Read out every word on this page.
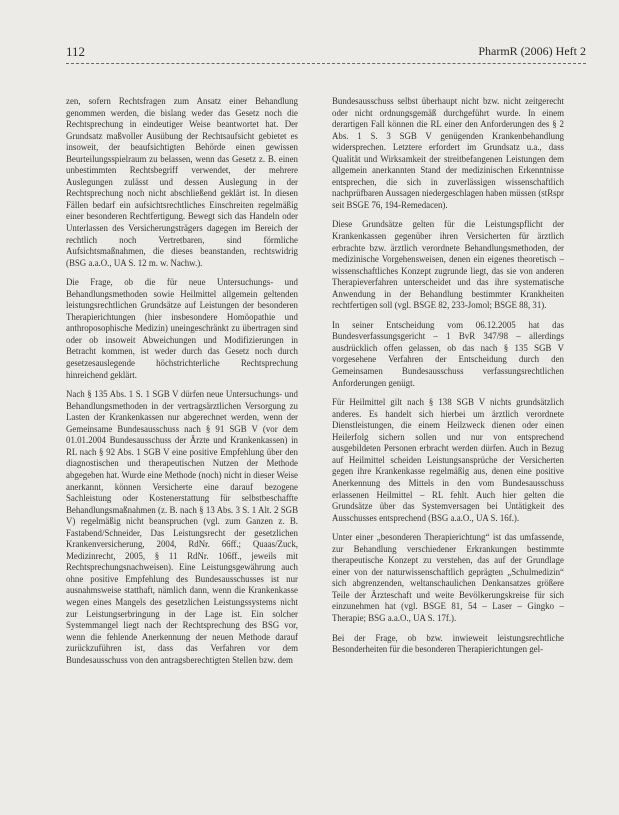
112	PharmR (2006) Heft 2

zen, sofern Rechtsfragen zum Ansatz einer Behandlung genommen werden, die bislang weder das Gesetz noch die Rechtsprechung in eindeutiger Weise beantwortet hat. Der Grundsatz maßvoller Ausübung der Rechtsaufsicht gebietet es insoweit, der beaufsichtigten Behörde einen gewissen Beurteilungsspielraum zu belassen, wenn das Gesetz z. B. einen unbestimmten Rechtsbegriff verwendet, der mehrere Auslegungen zulässt und dessen Auslegung in der Rechtsprechung noch nicht abschließend geklärt ist. In diesen Fällen bedarf ein aufsichtsrechtliches Einschreiten regelmäßig einer besonderen Rechtfertigung. Bewegt sich das Handeln oder Unterlassen des Versicherungsträgers dagegen im Bereich der rechtlich noch Vertretbaren, sind förmliche Aufsichtsmaßnahmen, die dieses beanstanden, rechtswidrig (BSG a.a.O., UA S. 12 m. w. Nachw.).

Die Frage, ob die für neue Untersuchungs- und Behandlungsmethoden sowie Heilmittel allgemein geltenden leistungsrechtlichen Grundsätze auf Leistungen der besonderen Therapierichtungen (hier insbesondere Homöopathie und anthroposophische Medizin) uneingeschränkt zu übertragen sind oder ob insoweit Abweichungen und Modifizierungen in Betracht kommen, ist weder durch das Gesetz noch durch gesetzesauslegende höchstrichterliche Rechtsprechung hinreichend geklärt.

Nach § 135 Abs. 1 S. 1 SGB V dürfen neue Untersuchungs- und Behandlungsmethoden in der vertragsärztlichen Versorgung zu Lasten der Krankenkassen nur abgerechnet werden, wenn der Gemeinsame Bundesausschuss nach § 91 SGB V (vor dem 01.01.2004 Bundesausschuss der Ärzte und Krankenkassen) in RL nach § 92 Abs. 1 SGB V eine positive Empfehlung über den diagnostischen und therapeutischen Nutzen der Methode abgegeben hat. Wurde eine Methode (noch) nicht in dieser Weise anerkannt, können Versicherte eine darauf bezogene Sachleistung oder Kostenerstattung für selbstbeschaffte Behandlungsmaßnahmen (z. B. nach § 13 Abs. 3 S. 1 Alt. 2 SGB V) regelmäßig nicht beanspruchen (vgl. zum Ganzen z. B. Fastabend/Schneider, Das Leistungsrecht der gesetzlichen Krankenversicherung, 2004, RdNr. 66ff.; Quaas/Zuck, Medizinrecht, 2005, § 11 RdNr. 106ff., jeweils mit Rechtsprechungsnachweisen). Eine Leistungsgewährung auch ohne positive Empfehlung des Bundesausschusses ist nur ausnahmsweise statthaft, nämlich dann, wenn die Krankenkasse wegen eines Mangels des gesetzlichen Leistungssystems nicht zur Leistungserbringung in der Lage ist. Ein solcher Systemmangel liegt nach der Rechtsprechung des BSG vor, wenn die fehlende Anerkennung der neuen Methode darauf zurückzuführen ist, dass das Verfahren vor dem Bundesausschuss von den antragsberechtigten Stellen bzw. dem

Bundesausschuss selbst überhaupt nicht bzw. nicht zeitgerecht oder nicht ordnungsgemäß durchgeführt wurde. In einem derartigen Fall können die RL einer den Anforderungen des § 2 Abs. 1 S. 3 SGB V genügenden Krankenbehandlung widersprechen. Letztere erfordert im Grundsatz u.a., dass Qualität und Wirksamkeit der streitbefangenen Leistungen dem allgemein anerkannten Stand der medizinischen Erkenntnisse entsprechen, die sich in zuverlässigen wissenschaftlich nachprüfbaren Aussagen niedergeschlagen haben müssen (stRspr seit BSGE 76, 194-Remedacen).

Diese Grundsätze gelten für die Leistungspflicht der Krankenkassen gegenüber ihren Versicherten für ärztlich erbrachte bzw. ärztlich verordnete Behandlungsmethoden, der medizinische Vorgehensweisen, denen ein eigenes theoretisch – wissenschaftliches Konzept zugrunde liegt, das sie von anderen Therapieverfahren unterscheidet und das ihre systematische Anwendung in der Behandlung bestimmter Krankheiten rechtfertigen soll (vgl. BSGE 82, 233-Jomol; BSGE 88, 31).

In seiner Entscheidung vom 06.12.2005 hat das Bundesverfassungsgericht – 1 BvR 347/98 – allerdings ausdrücklich offen gelassen, ob das nach § 135 SGB V vorgesehene Verfahren der Entscheidung durch den Gemeinsamen Bundesausschuss verfassungsrechtlichen Anforderungen genügt.

Für Heilmittel gilt nach § 138 SGB V nichts grundsätzlich anderes. Es handelt sich hierbei um ärztlich verordnete Dienstleistungen, die einem Heilzweck dienen oder einen Heilerfolg sichern sollen und nur von entsprechend ausgebildeten Personen erbracht werden dürfen. Auch in Bezug auf Heilmittel scheiden Leistungsansprüche der Versicherten gegen ihre Krankenkasse regelmäßig aus, denen eine positive Anerkennung des Mittels in den vom Bundesausschuss erlassenen Heilmittel – RL fehlt. Auch hier gelten die Grundsätze über das Systemversagen bei Untätigkeit des Ausschusses entsprechend (BSG a.a.O., UA S. 16f.).

Unter einer „besonderen Therapierichtung“ ist das umfassende, zur Behandlung verschiedener Erkrankungen bestimmte therapeutische Konzept zu verstehen, das auf der Grundlage einer von der naturwissenschaftlich geprägten „Schulmedizin“ sich abgrenzenden, weltanschaulichen Denkansatzes größere Teile der Ärzteschaft und weite Bevölkerungskreise für sich einzunehmen hat (vgl. BSGE 81, 54 – Laser – Gingko – Therapie; BSG a.a.O., UA S. 17f.).

Bei der Frage, ob bzw. inwieweit leistungsrechtliche Besonderheiten für die besonderen Therapierichtungen gel-
